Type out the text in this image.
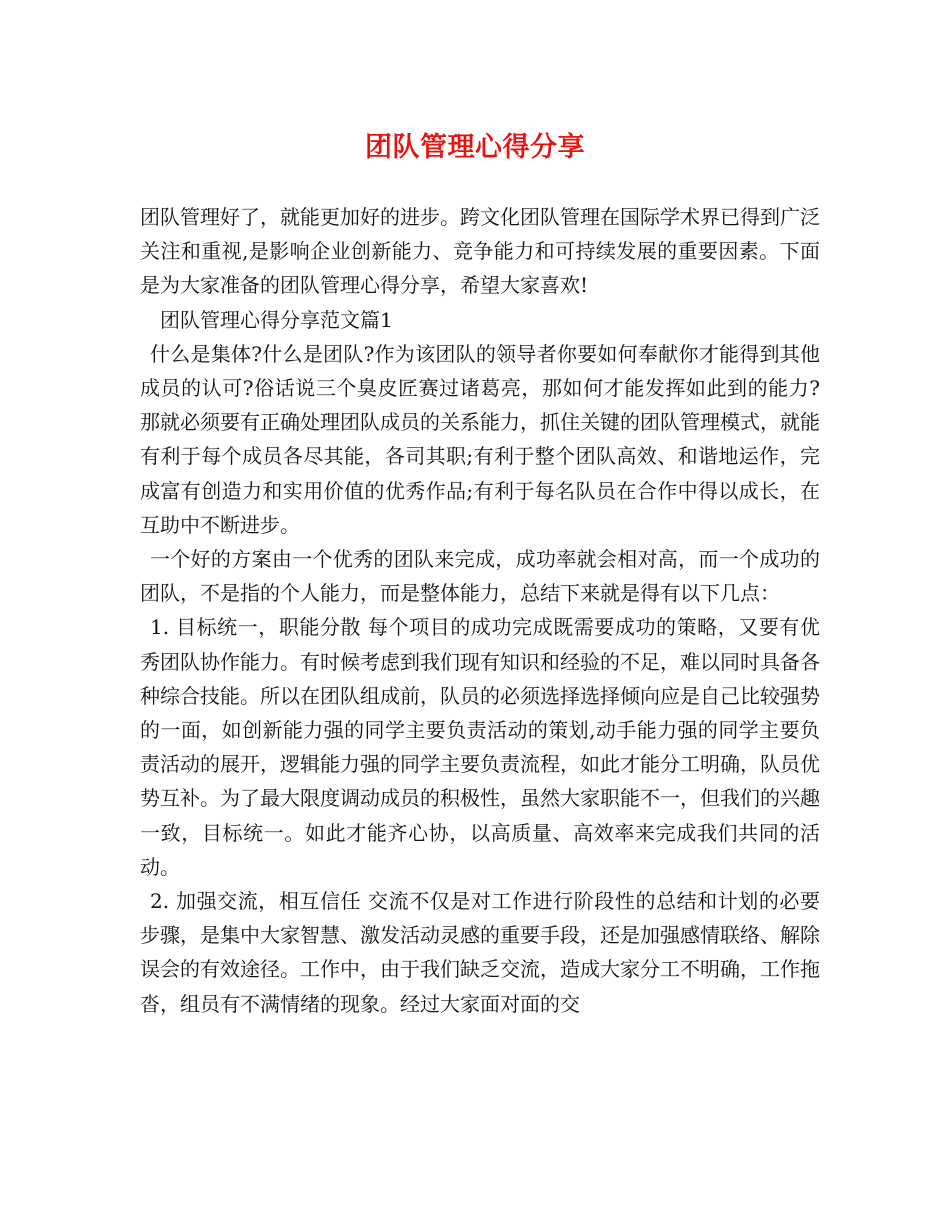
团队管理心得分享

团队管理好了，就能更加好的进步。跨文化团队管理在国际学术界已得到广泛关注和重视,是影响企业创新能力、竞争能力和可持续发展的重要因素。下面是为大家准备的团队管理心得分享，希望大家喜欢!

团队管理心得分享范文篇1

什么是集体?什么是团队?作为该团队的领导者你要如何奉献你才能得到其他成员的认可?俗话说三个臭皮匠赛过诸葛亮，那如何才能发挥如此到的能力?那就必须要有正确处理团队成员的关系能力，抓住关键的团队管理模式，就能有利于每个成员各尽其能，各司其职;有利于整个团队高效、和谐地运作，完成富有创造力和实用价值的优秀作品;有利于每名队员在合作中得以成长，在互助中不断进步。

一个好的方案由一个优秀的团队来完成，成功率就会相对高，而一个成功的团队，不是指的个人能力，而是整体能力，总结下来就是得有以下几点：

1. 目标统一，职能分散 每个项目的成功完成既需要成功的策略，又要有优秀团队协作能力。有时候考虑到我们现有知识和经验的不足，难以同时具备各种综合技能。所以在团队组成前，队员的必须选择选择倾向应是自己比较强势的一面，如创新能力强的同学主要负责活动的策划,动手能力强的同学主要负责活动的展开，逻辑能力强的同学主要负责流程，如此才能分工明确，队员优势互补。为了最大限度调动成员的积极性，虽然大家职能不一，但我们的兴趣一致，目标统一。如此才能齐心协，以高质量、高效率来完成我们共同的活动。

2. 加强交流，相互信任 交流不仅是对工作进行阶段性的总结和计划的必要步骤，是集中大家智慧、激发活动灵感的重要手段，还是加强感情联络、解除误会的有效途径。工作中，由于我们缺乏交流，造成大家分工不明确，工作拖沓，组员有不满情绪的现象。经过大家面对面的交
